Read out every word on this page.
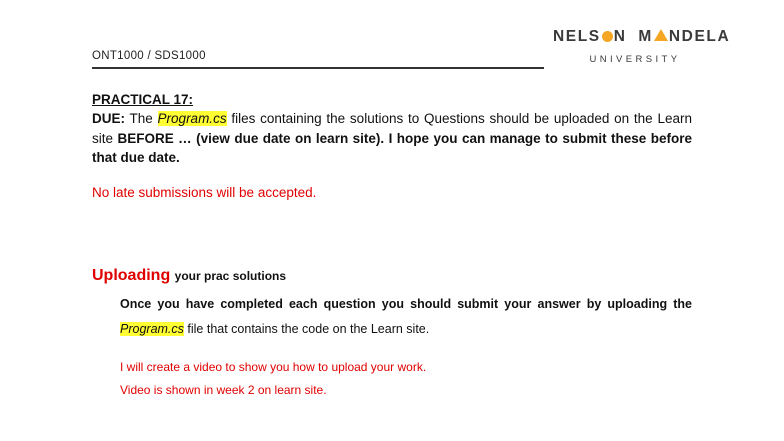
ONT1000 / SDS1000
NELS N  M NDELA
UNIVERSITY
PRACTICAL 17:
DUE: The Program.cs files containing the solutions to Questions should be uploaded on the Learn site BEFORE … (view due date on learn site). I hope you can manage to submit these before that due date.
No late submissions will be accepted.
Uploading your prac solutions
Once you have completed each question you should submit your answer by uploading the Program.cs file that contains the code on the Learn site.
I will create a video to show you how to upload your work.
Video is shown in week 2 on learn site.
